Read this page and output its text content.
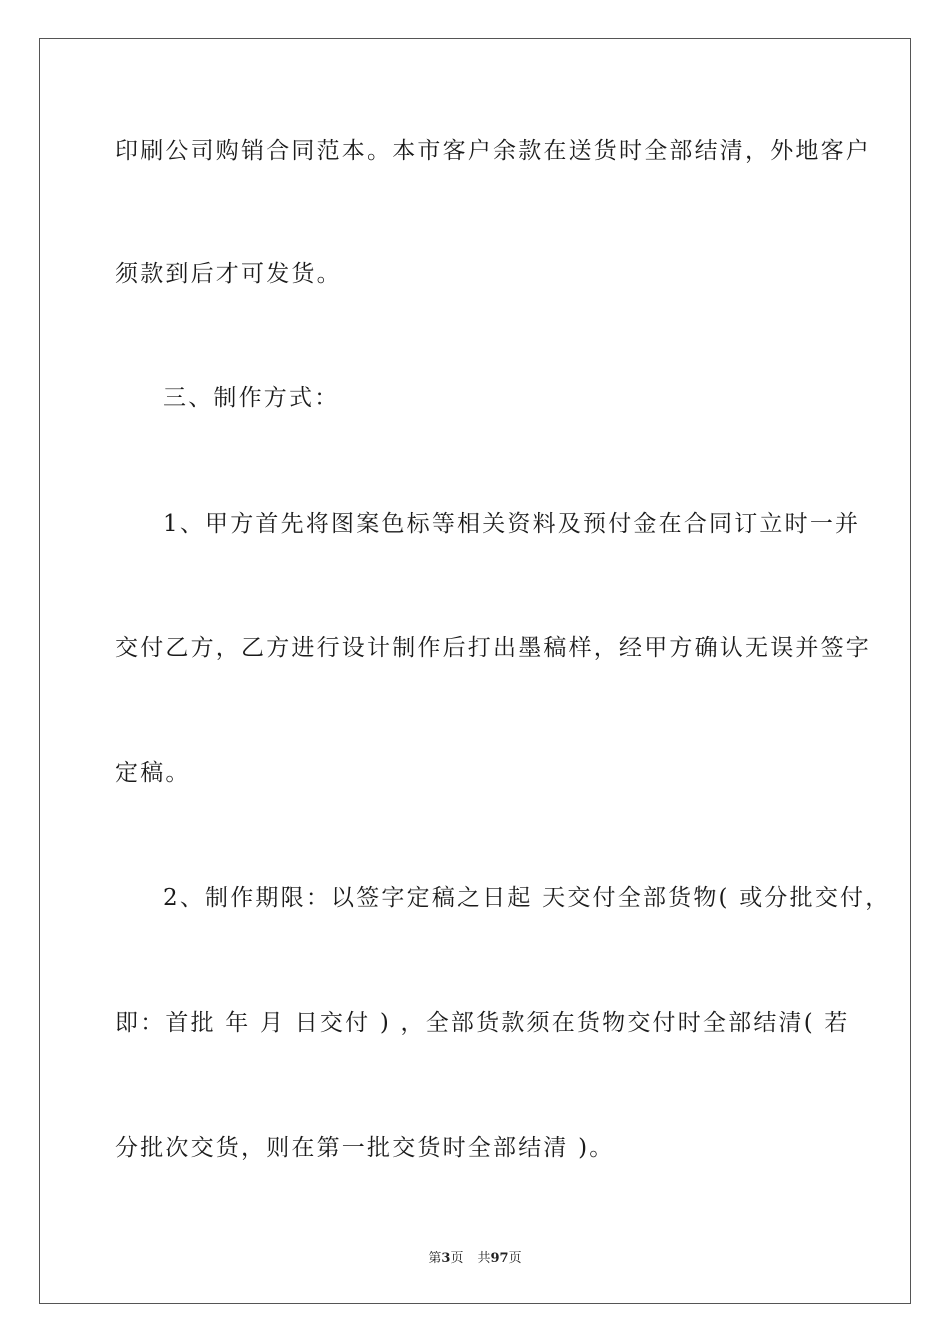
印刷公司购销合同范本。本市客户余款在送货时全部结清，外地客户
须款到后才可发货。
三、制作方式：
1、甲方首先将图案色标等相关资料及预付金在合同订立时一并
交付乙方，乙方进行设计制作后打出墨稿样，经甲方确认无误并签字
定稿。
2、制作期限：以签字定稿之日起 天交付全部货物( 或分批交付，
即：首批 年 月 日交付 ) ，全部货款须在货物交付时全部结清( 若
分批次交货，则在第一批交货时全部结清 )。
第3页 共97页
